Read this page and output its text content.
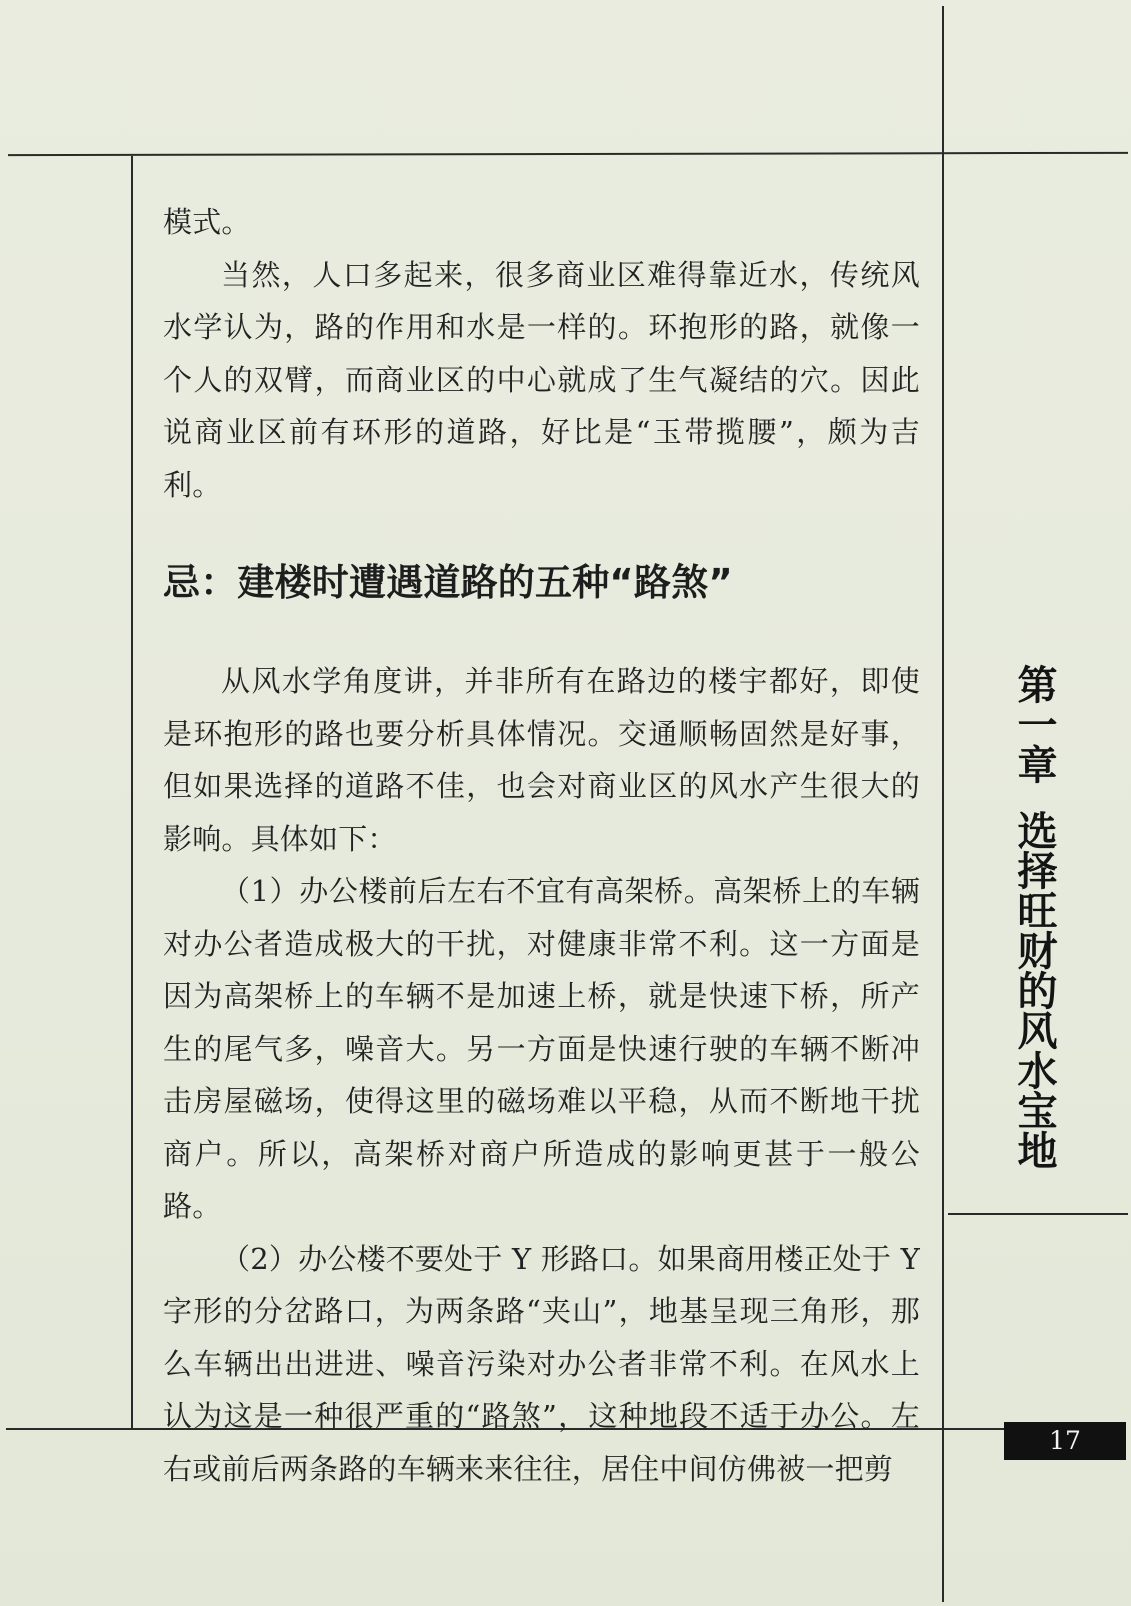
模式。

当然，人口多起来，很多商业区难得靠近水，传统风水学认为，路的作用和水是一样的。环抱形的路，就像一个人的双臂，而商业区的中心就成了生气凝结的穴。因此说商业区前有环形的道路，好比是“玉带揽腰”，颇为吉利。

忌：建楼时遭遇道路的五种“路煞”

从风水学角度讲，并非所有在路边的楼宇都好，即使是环抱形的路也要分析具体情况。交通顺畅固然是好事，但如果选择的道路不佳，也会对商业区的风水产生很大的影响。具体如下：

（1）办公楼前后左右不宜有高架桥。高架桥上的车辆对办公者造成极大的干扰，对健康非常不利。这一方面是因为高架桥上的车辆不是加速上桥，就是快速下桥，所产生的尾气多，噪音大。另一方面是快速行驶的车辆不断冲击房屋磁场，使得这里的磁场难以平稳，从而不断地干扰商户。所以，高架桥对商户所造成的影响更甚于一般公路。

（2）办公楼不要处于 Y 形路口。如果商用楼正处于 Y 字形的分岔路口，为两条路“夹山”，地基呈现三角形，那么车辆出出进进、噪音污染对办公者非常不利。在风水上认为这是一种很严重的“路煞”，这种地段不适于办公。左右或前后两条路的车辆来来往往，居住中间仿佛被一把剪

第一章选择旺财的风水宝地
17
